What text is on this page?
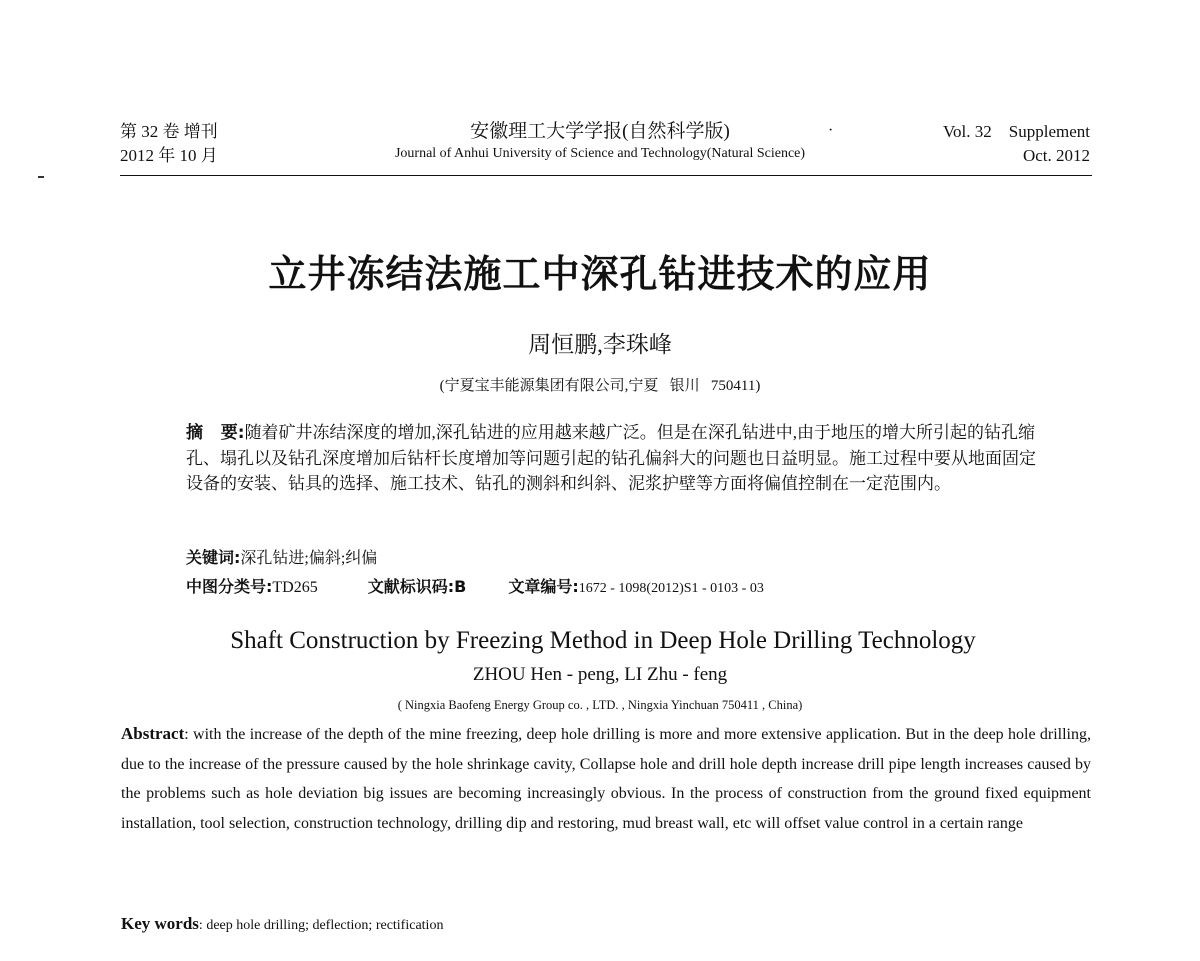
第 32 卷 增刊
2012 年 10 月
安徽理工大学学报(自然科学版)
Journal of Anhui University of Science and Technology(Natural Science)
·	Vol. 32    Supplement
Oct. 2012
立井冻结法施工中深孔钻进技术的应用
周恒鹏,李珠峰
(宁夏宝丰能源集团有限公司,宁夏   银川   750411)
摘   要:随着矿井冻结深度的增加,深孔钻进的应用越来越广泛。但是在深孔钻进中,由于地压的增大所引起的钻孔缩孔、塌孔以及钻孔深度增加后钻杆长度增加等问题引起的钻孔偏斜大的问题也日益明显。施工过程中要从地面固定设备的安装、钻具的选择、施工技术、钻孔的测斜和纠斜、泥浆护壁等方面将偏值控制在一定范围内。
关键词:深孔钻进;偏斜;纠偏
中图分类号:TD265	文献标识码:B	文章编号:1672 - 1098(2012)S1 - 0103 - 03
Shaft Construction by Freezing Method in Deep Hole Drilling Technology
ZHOU Hen - peng, LI Zhu - feng
( Ningxia Baofeng Energy Group co. , LTD. , Ningxia Yinchuan 750411 , China)
Abstract: with the increase of the depth of the mine freezing, deep hole drilling is more and more extensive application. But in the deep hole drilling, due to the increase of the pressure caused by the hole shrinkage cavity, Collapse hole and drill hole depth increase drill pipe length increases caused by the problems such as hole deviation big issues are becoming increasingly obvious. In the process of construction from the ground fixed equipment installation, tool selection, construction technology, drilling dip and restoring, mud breast wall, etc will offset value control in a certain range
Key words: deep hole drilling; deflection; rectification
